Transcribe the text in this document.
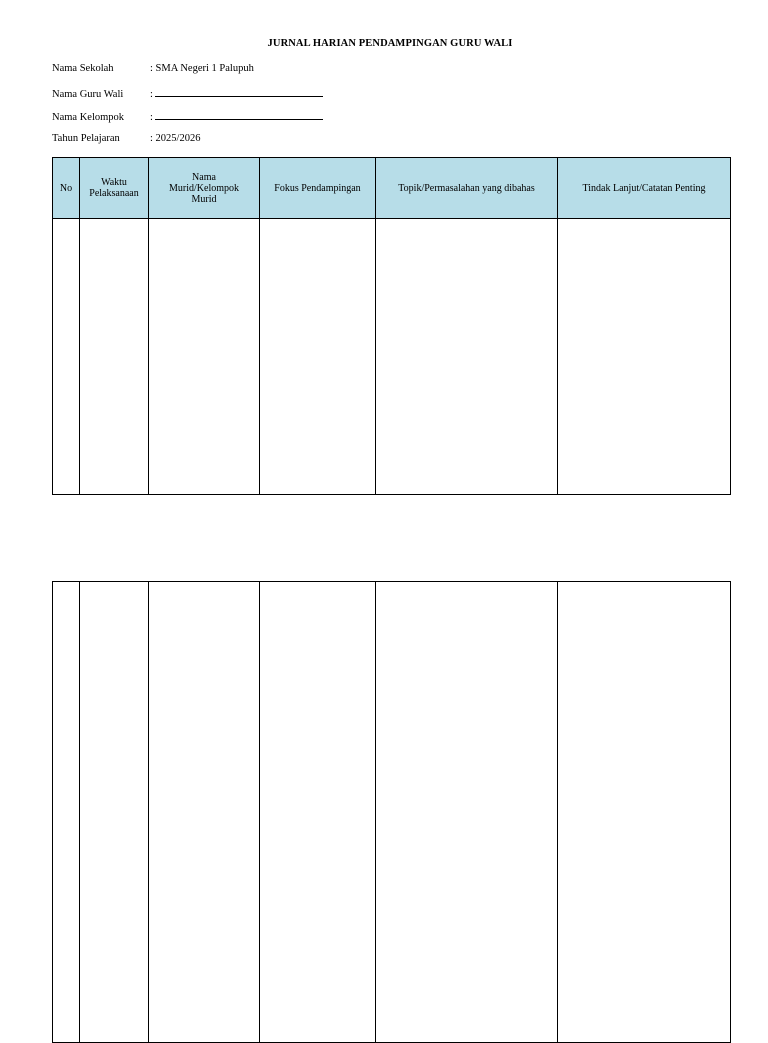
JURNAL HARIAN PENDAMPINGAN GURU WALI
Nama Sekolah	: SMA Negeri 1 Palupuh
Nama Guru Wali	:
Nama Kelompok :
Tahun Pelajaran	: 2025/2026
No	Waktu Pelaksanaan	Nama Murid/Kelompok Murid	Fokus Pendampingan	Topik/Permasalahan yang dibahas	Tindak Lanjut/Catatan Penting
